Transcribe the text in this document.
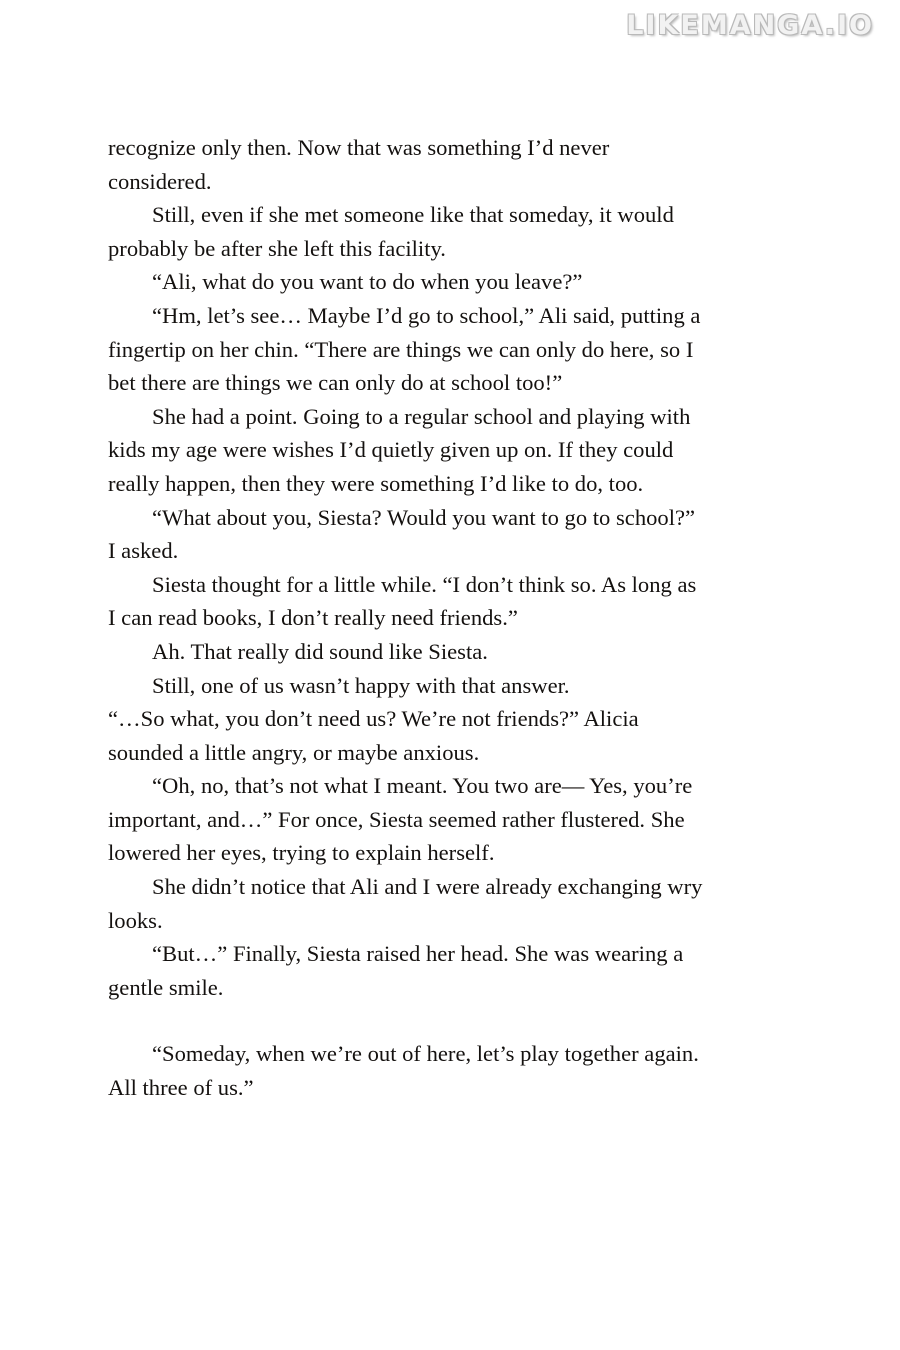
LIKEMANGA.IO

recognize only then. Now that was something I’d never considered.

Still, even if she met someone like that someday, it would probably be after she left this facility.

“Ali, what do you want to do when you leave?”

“Hm, let’s see… Maybe I’d go to school,” Ali said, putting a fingertip on her chin. “There are things we can only do here, so I bet there are things we can only do at school too!”

She had a point. Going to a regular school and playing with kids my age were wishes I’d quietly given up on. If they could really happen, then they were something I’d like to do, too.

“What about you, Siesta? Would you want to go to school?” I asked.

Siesta thought for a little while. “I don’t think so. As long as I can read books, I don’t really need friends.”

Ah. That really did sound like Siesta.

Still, one of us wasn’t happy with that answer.

“…So what, you don’t need us? We’re not friends?” Alicia sounded a little angry, or maybe anxious.

“Oh, no, that’s not what I meant. You two are— Yes, you’re important, and…” For once, Siesta seemed rather flustered. She lowered her eyes, trying to explain herself.

She didn’t notice that Ali and I were already exchanging wry looks.

“But…” Finally, Siesta raised her head. She was wearing a gentle smile.

“Someday, when we’re out of here, let’s play together again. All three of us.”
